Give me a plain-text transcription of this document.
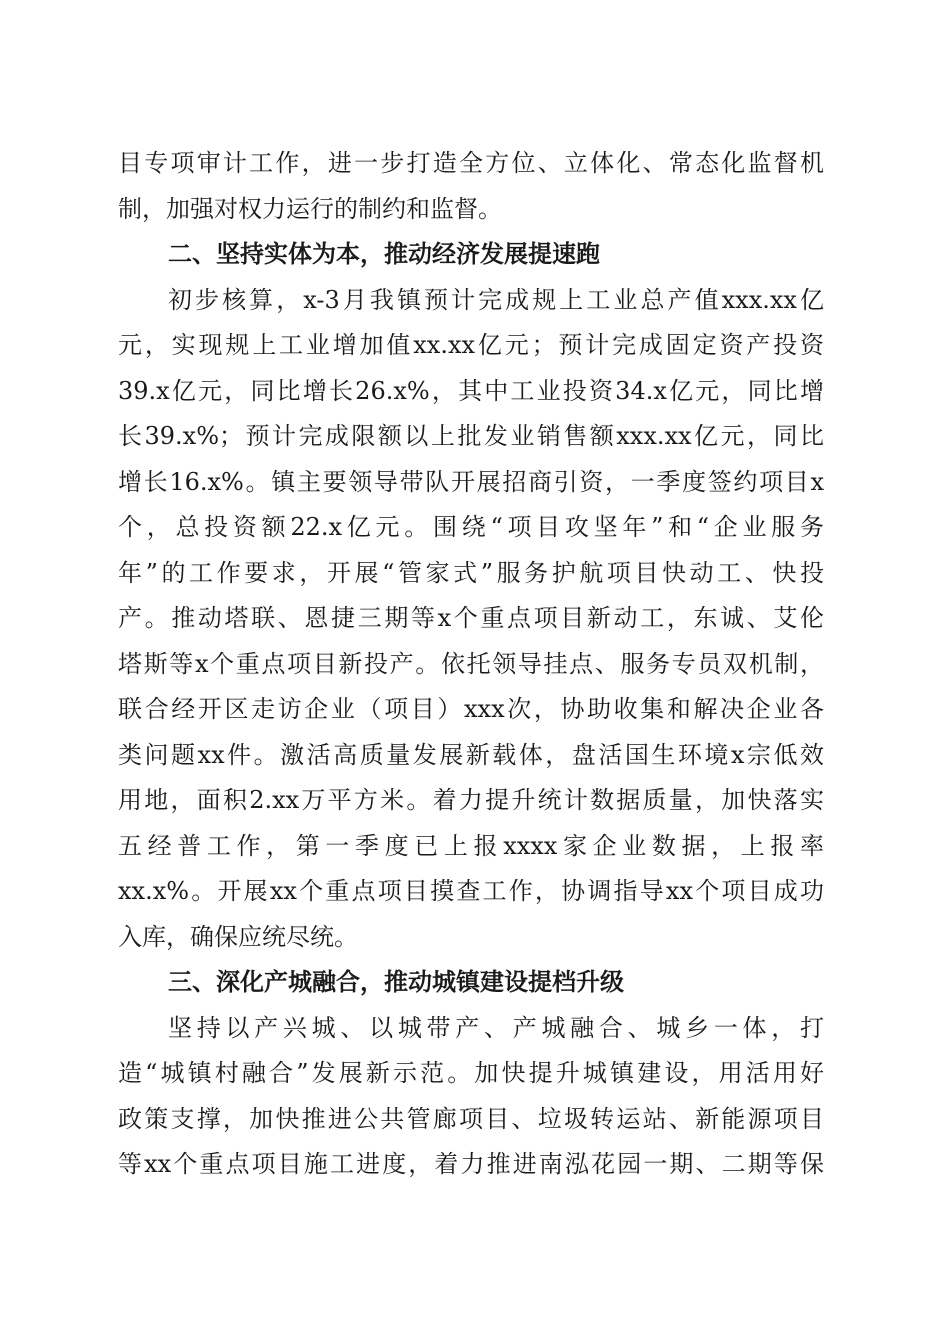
目专项审计工作，进一步打造全方位、立体化、常态化监督机
制，加强对权力运行的制约和监督。
二、坚持实体为本，推动经济发展提速跑
初步核算，x-3月我镇预计完成规上工业总产值xxx.xx亿
元，实现规上工业增加值xx.xx亿元；预计完成固定资产投资
39.x亿元，同比增长26.x%，其中工业投资34.x亿元，同比增
长39.x%；预计完成限额以上批发业销售额xxx.xx亿元，同比
增长16.x%。镇主要领导带队开展招商引资，一季度签约项目x
个，总投资额22.x亿元。围绕“项目攻坚年”和“企业服务
年”的工作要求，开展“管家式”服务护航项目快动工、快投
产。推动塔联、恩捷三期等x个重点项目新动工，东诚、艾伦
塔斯等x个重点项目新投产。依托领导挂点、服务专员双机制，
联合经开区走访企业（项目）xxx次，协助收集和解决企业各
类问题xx件。激活高质量发展新载体，盘活国生环境x宗低效
用地，面积2.xx万平方米。着力提升统计数据质量，加快落实
五经普工作，第一季度已上报xxxx家企业数据，上报率
xx.x%。开展xx个重点项目摸查工作，协调指导xx个项目成功
入库，确保应统尽统。
三、深化产城融合，推动城镇建设提档升级
坚持以产兴城、以城带产、产城融合、城乡一体，打
造“城镇村融合”发展新示范。加快提升城镇建设，用活用好
政策支撑，加快推进公共管廊项目、垃圾转运站、新能源项目
等xx个重点项目施工进度，着力推进南泓花园一期、二期等保
